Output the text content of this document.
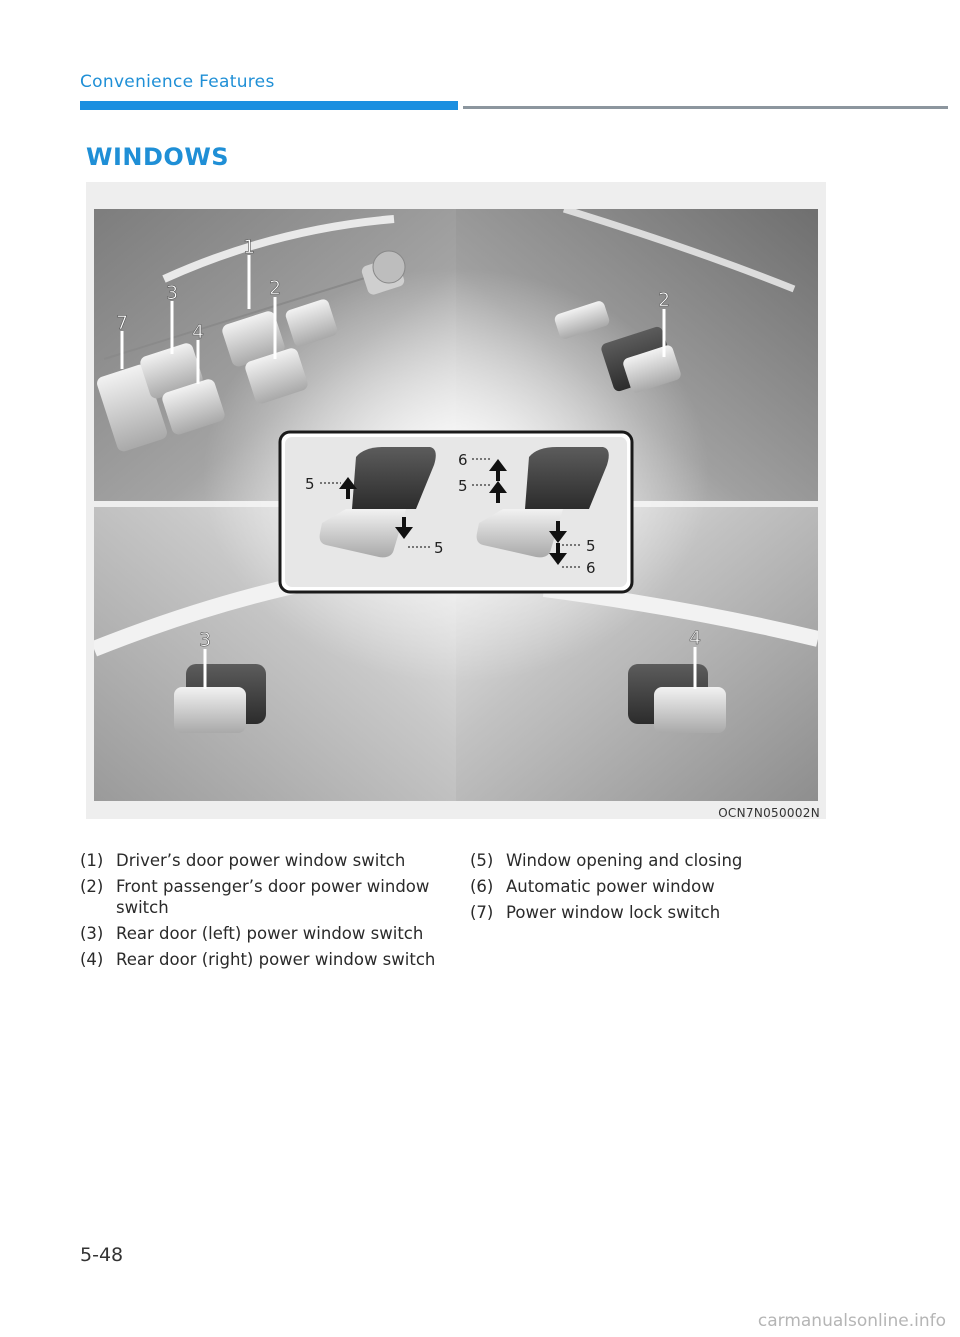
Convenience Features
WINDOWS
1
2
3
4
7
2
3	4
5
5
6
5
5
6
OCN7N050002N
(1) Driver’s door power window switch
(2) Front passenger’s door power window switch
(3) Rear door (left) power window switch
(4) Rear door (right) power window switch
(5) Window opening and closing
(6) Automatic power window
(7) Power window lock switch
5-48
carmanualsonline.info
